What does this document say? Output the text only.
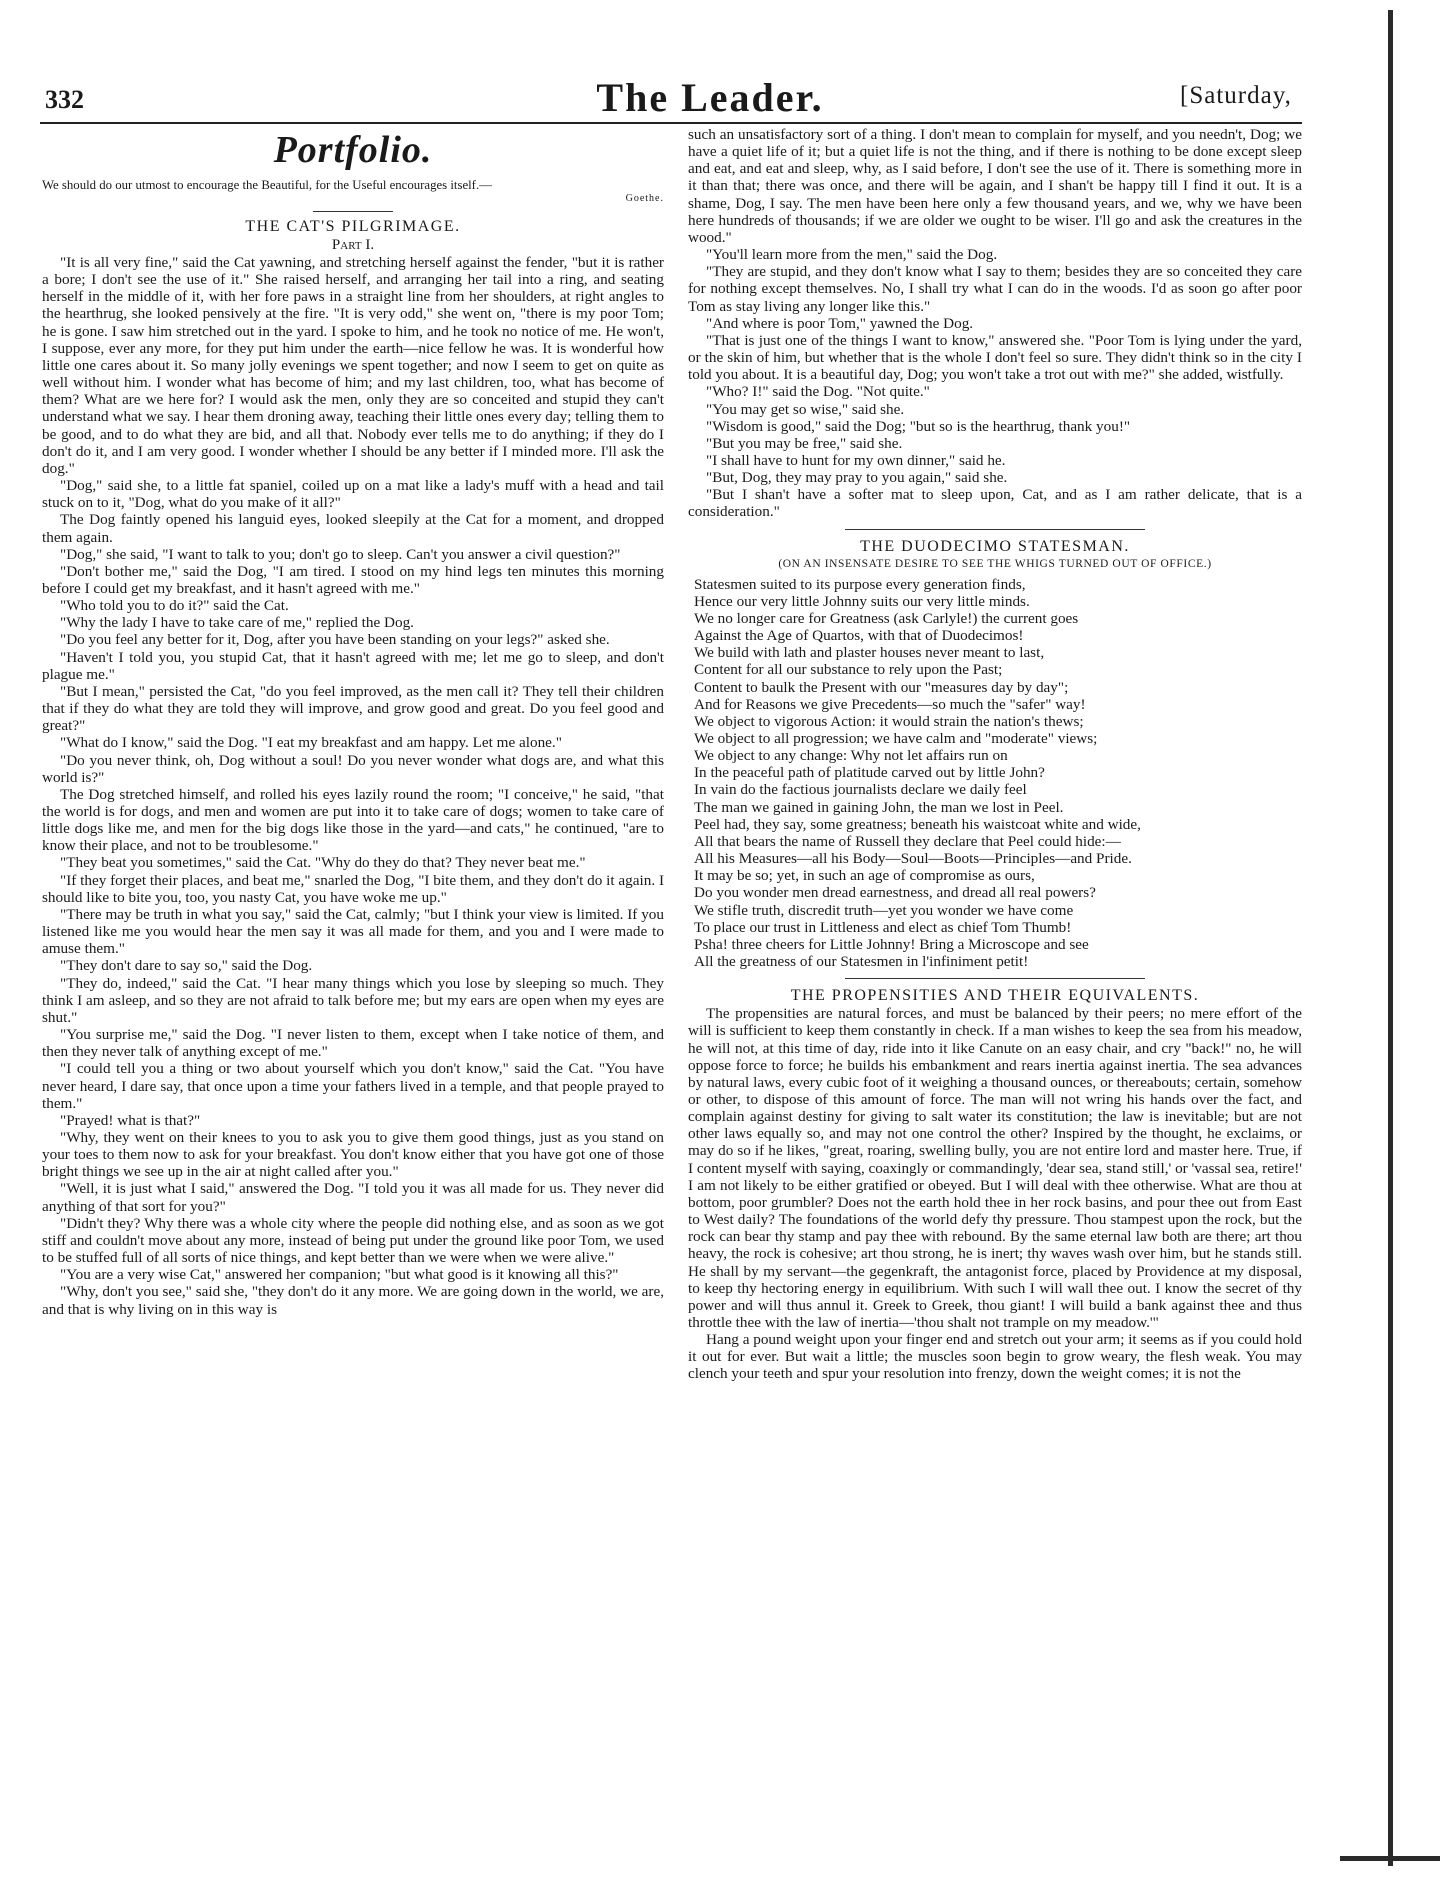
332	The Leader.	[Saturday,
Portfolio.
We should do our utmost to encourage the Beautiful, for the Useful encourages itself.—
Goethe.
THE CAT'S PILGRIMAGE.
Part I.

"It is all very fine," said the Cat yawning, and stretching herself against the fender, "but it is rather a bore; I don't see the use of it." She raised herself, and arranging her tail into a ring, and seating herself in the middle of it, with her fore paws in a straight line from her shoulders, at right angles to the hearthrug, she looked pensively at the fire. "It is very odd," she went on, "there is my poor Tom; he is gone. I saw him stretched out in the yard. I spoke to him, and he took no notice of me. He won't, I suppose, ever any more, for they put him under the earth—nice fellow he was. It is wonderful how little one cares about it. So many jolly evenings we spent together; and now I seem to get on quite as well without him. I wonder what has become of him; and my last children, too, what has become of them? What are we here for? I would ask the men, only they are so conceited and stupid they can't understand what we say. I hear them droning away, teaching their little ones every day; telling them to be good, and to do what they are bid, and all that. Nobody ever tells me to do anything; if they do I don't do it, and I am very good. I wonder whether I should be any better if I minded more. I'll ask the dog."

"Dog," said she, to a little fat spaniel, coiled up on a mat like a lady's muff with a head and tail stuck on to it, "Dog, what do you make of it all?"

The Dog faintly opened his languid eyes, looked sleepily at the Cat for a moment, and dropped them again.

"Dog," she said, "I want to talk to you; don't go to sleep. Can't you answer a civil question?"

"Don't bother me," said the Dog, "I am tired. I stood on my hind legs ten minutes this morning before I could get my breakfast, and it hasn't agreed with me."

"Who told you to do it?" said the Cat.

"Why the lady I have to take care of me," replied the Dog.

"Do you feel any better for it, Dog, after you have been standing on your legs?" asked she.

"Haven't I told you, you stupid Cat, that it hasn't agreed with me; let me go to sleep, and don't plague me."

"But I mean," persisted the Cat, "do you feel improved, as the men call it? They tell their children that if they do what they are told they will improve, and grow good and great. Do you feel good and great?"

"What do I know," said the Dog. "I eat my breakfast and am happy. Let me alone."

"Do you never think, oh, Dog without a soul! Do you never wonder what dogs are, and what this world is?"

The Dog stretched himself, and rolled his eyes lazily round the room; "I conceive," he said, "that the world is for dogs, and men and women are put into it to take care of dogs; women to take care of little dogs like me, and men for the big dogs like those in the yard—and cats," he continued, "are to know their place, and not to be troublesome."

"They beat you sometimes," said the Cat. "Why do they do that? They never beat me."

"If they forget their places, and beat me," snarled the Dog, "I bite them, and they don't do it again. I should like to bite you, too, you nasty Cat, you have woke me up."

"There may be truth in what you say," said the Cat, calmly; "but I think your view is limited. If you listened like me you would hear the men say it was all made for them, and you and I were made to amuse them."

"They don't dare to say so," said the Dog.

"They do, indeed," said the Cat. "I hear many things which you lose by sleeping so much. They think I am asleep, and so they are not afraid to talk before me; but my ears are open when my eyes are shut."

"You surprise me," said the Dog. "I never listen to them, except when I take notice of them, and then they never talk of anything except of me."

"I could tell you a thing or two about yourself which you don't know," said the Cat. "You have never heard, I dare say, that once upon a time your fathers lived in a temple, and that people prayed to them."

"Prayed! what is that?"

"Why, they went on their knees to you to ask you to give them good things, just as you stand on your toes to them now to ask for your breakfast. You don't know either that you have got one of those bright things we see up in the air at night called after you."

"Well, it is just what I said," answered the Dog. "I told you it was all made for us. They never did anything of that sort for you?"

"Didn't they? Why there was a whole city where the people did nothing else, and as soon as we got stiff and couldn't move about any more, instead of being put under the ground like poor Tom, we used to be stuffed full of all sorts of nice things, and kept better than we were when we were alive."

"You are a very wise Cat," answered her companion; "but what good is it knowing all this?"

"Why, don't you see," said she, "they don't do it any more. We are going down in the world, we are, and that is why living on in this way is

such an unsatisfactory sort of a thing. I don't mean to complain for myself, and you needn't, Dog; we have a quiet life of it; but a quiet life is not the thing, and if there is nothing to be done except sleep and eat, and eat and sleep, why, as I said before, I don't see the use of it. There is something more in it than that; there was once, and there will be again, and I shan't be happy till I find it out. It is a shame, Dog, I say. The men have been here only a few thousand years, and we, why we have been here hundreds of thousands; if we are older we ought to be wiser. I'll go and ask the creatures in the wood."

"You'll learn more from the men," said the Dog.

"They are stupid, and they don't know what I say to them; besides they are so conceited they care for nothing except themselves. No, I shall try what I can do in the woods. I'd as soon go after poor Tom as stay living any longer like this."

"And where is poor Tom," yawned the Dog.

"That is just one of the things I want to know," answered she. "Poor Tom is lying under the yard, or the skin of him, but whether that is the whole I don't feel so sure. They didn't think so in the city I told you about. It is a beautiful day, Dog; you won't take a trot out with me?" she added, wistfully.

"Who? I!" said the Dog. "Not quite."

"You may get so wise," said she.

"Wisdom is good," said the Dog; "but so is the hearthrug, thank you!"

"But you may be free," said she.

"I shall have to hunt for my own dinner," said he.

"But, Dog, they may pray to you again," said she.

"But I shan't have a softer mat to sleep upon, Cat, and as I am rather delicate, that is a consideration."

THE DUODECIMO STATESMAN.
(ON AN INSENSATE DESIRE TO SEE THE WHIGS TURNED OUT OF OFFICE.)
Statesmen suited to its purpose every generation finds,
Hence our very little Johnny suits our very little minds.
We no longer care for Greatness (ask Carlyle!) the current goes
Against the Age of Quartos, with that of Duodecimos!
We build with lath and plaster houses never meant to last,
Content for all our substance to rely upon the Past;
Content to baulk the Present with our "measures day by day";
And for Reasons we give Precedents—so much the "safer" way!
We object to vigorous Action: it would strain the nation's thews;
We object to all progression; we have calm and "moderate" views;
We object to any change: Why not let affairs run on
In the peaceful path of platitude carved out by little John?
In vain do the factious journalists declare we daily feel
The man we gained in gaining John, the man we lost in Peel.
Peel had, they say, some greatness; beneath his waistcoat white and wide,
All that bears the name of Russell they declare that Peel could hide:—
All his Measures—all his Body—Soul—Boots—Principles—and Pride.
It may be so; yet, in such an age of compromise as ours,
Do you wonder men dread earnestness, and dread all real powers?
We stifle truth, discredit truth—yet you wonder we have come
To place our trust in Littleness and elect as chief Tom Thumb!
Psha! three cheers for Little Johnny! Bring a Microscope and see
All the greatness of our Statesmen in l'infiniment petit!
THE PROPENSITIES AND THEIR EQUIVALENTS.

The propensities are natural forces, and must be balanced by their peers; no mere effort of the will is sufficient to keep them constantly in check. If a man wishes to keep the sea from his meadow, he will not, at this time of day, ride into it like Canute on an easy chair, and cry "back!" no, he will oppose force to force; he builds his embankment and rears inertia against inertia. The sea advances by natural laws, every cubic foot of it weighing a thousand ounces, or thereabouts; certain, somehow or other, to dispose of this amount of force. The man will not wring his hands over the fact, and complain against destiny for giving to salt water its constitution; the law is inevitable; but are not other laws equally so, and may not one control the other? Inspired by the thought, he exclaims, or may do so if he likes, "great, roaring, swelling bully, you are not entire lord and master here. True, if I content myself with saying, coaxingly or commandingly, 'dear sea, stand still,' or 'vassal sea, retire!' I am not likely to be either gratified or obeyed. But I will deal with thee otherwise. What are thou at bottom, poor grumbler? Does not the earth hold thee in her rock basins, and pour thee out from East to West daily? The foundations of the world defy thy pressure. Thou stampest upon the rock, but the rock can bear thy stamp and pay thee with rebound. By the same eternal law both are there; art thou heavy, the rock is cohesive; art thou strong, he is inert; thy waves wash over him, but he stands still. He shall by my servant—the gegenkraft, the antagonist force, placed by Providence at my disposal, to keep thy hectoring energy in equilibrium. With such I will wall thee out. I know the secret of thy power and will thus annul it. Greek to Greek, thou giant! I will build a bank against thee and thus throttle thee with the law of inertia—'thou shalt not trample on my meadow.'"

Hang a pound weight upon your finger end and stretch out your arm; it seems as if you could hold it out for ever. But wait a little; the muscles soon begin to grow weary, the flesh weak. You may clench your teeth and spur your resolution into frenzy, down the weight comes; it is not the
